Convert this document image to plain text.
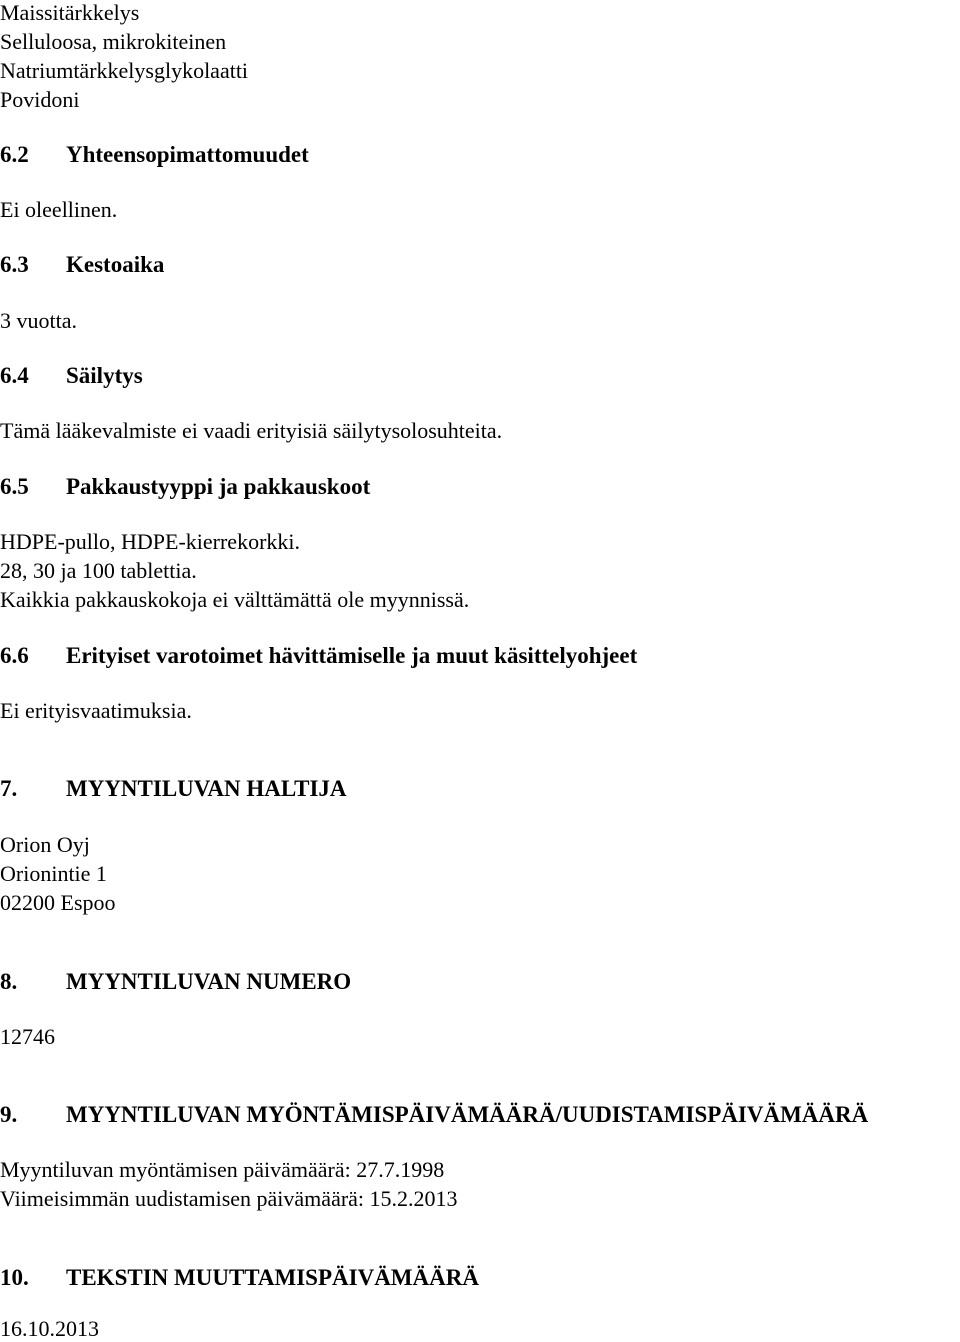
Maissitärkkelys
Selluloosa, mikrokiteinen
Natriumtärkkelysglykolaatti
Povidoni
6.2 Yhteensopimattomuudet
Ei oleellinen.
6.3 Kestoaika
3 vuotta.
6.4 Säilytys
Tämä lääkevalmiste ei vaadi erityisiä säilytysolosuhteita.
6.5 Pakkaustyyppi ja pakkauskoot
HDPE-pullo, HDPE-kierrekorkki.
28, 30 ja 100 tablettia.
Kaikkia pakkauskokoja ei välttämättä ole myynnissä.
6.6 Erityiset varotoimet hävittämiselle ja muut käsittelyohjeet
Ei erityisvaatimuksia.
7. MYYNTILUVAN HALTIJA
Orion Oyj
Orionintie 1
02200 Espoo
8. MYYNTILUVAN NUMERO
12746
9. MYYNTILUVAN MYÖNTÄMISPÄIVÄMÄÄRÄ/UUDISTAMISPÄIVÄMÄÄRÄ
Myyntiluvan myöntämisen päivämäärä: 27.7.1998
Viimeisimmän uudistamisen päivämäärä: 15.2.2013
10. TEKSTIN MUUTTAMISPÄIVÄMÄÄRÄ
16.10.2013
